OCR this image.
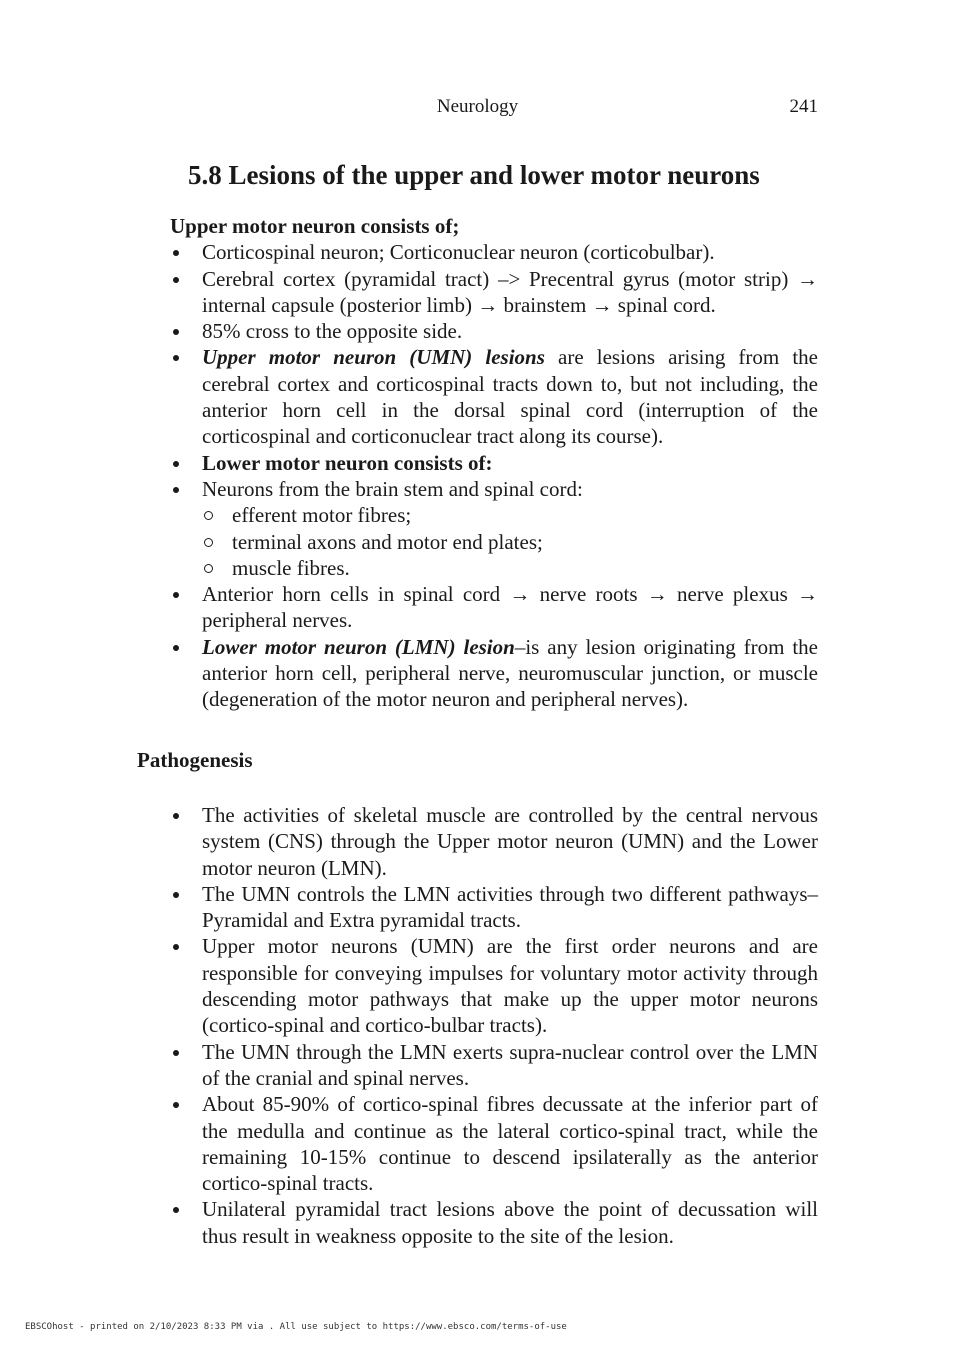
Neurology	241
5.8 Lesions of the upper and lower motor neurons
Upper motor neuron consists of;
Corticospinal neuron; Corticonuclear neuron (corticobulbar).
Cerebral cortex (pyramidal tract) –> Precentral gyrus (motor strip) → internal capsule (posterior limb) → brainstem → spinal cord.
85% cross to the opposite side.
Upper motor neuron (UMN) lesions are lesions arising from the cerebral cortex and corticospinal tracts down to, but not including, the anterior horn cell in the dorsal spinal cord (interruption of the corticospinal and corticonuclear tract along its course).
Lower motor neuron consists of:
Neurons from the brain stem and spinal cord:
efferent motor fibres;
terminal axons and motor end plates;
muscle fibres.
Anterior horn cells in spinal cord → nerve roots → nerve plexus → peripheral nerves.
Lower motor neuron (LMN) lesion–is any lesion originating from the anterior horn cell, peripheral nerve, neuromuscular junction, or muscle (degeneration of the motor neuron and peripheral nerves).
Pathogenesis
The activities of skeletal muscle are controlled by the central nervous system (CNS) through the Upper motor neuron (UMN) and the Lower motor neuron (LMN).
The UMN controls the LMN activities through two different pathways–Pyramidal and Extra pyramidal tracts.
Upper motor neurons (UMN) are the first order neurons and are responsible for conveying impulses for voluntary motor activity through descending motor pathways that make up the upper motor neurons (cortico-spinal and cortico-bulbar tracts).
The UMN through the LMN exerts supra-nuclear control over the LMN of the cranial and spinal nerves.
About 85-90% of cortico-spinal fibres decussate at the inferior part of the medulla and continue as the lateral cortico-spinal tract, while the remaining 10-15% continue to descend ipsilaterally as the anterior cortico-spinal tracts.
Unilateral pyramidal tract lesions above the point of decussation will thus result in weakness opposite to the site of the lesion.
EBSCOhost - printed on 2/10/2023 8:33 PM via . All use subject to https://www.ebsco.com/terms-of-use
